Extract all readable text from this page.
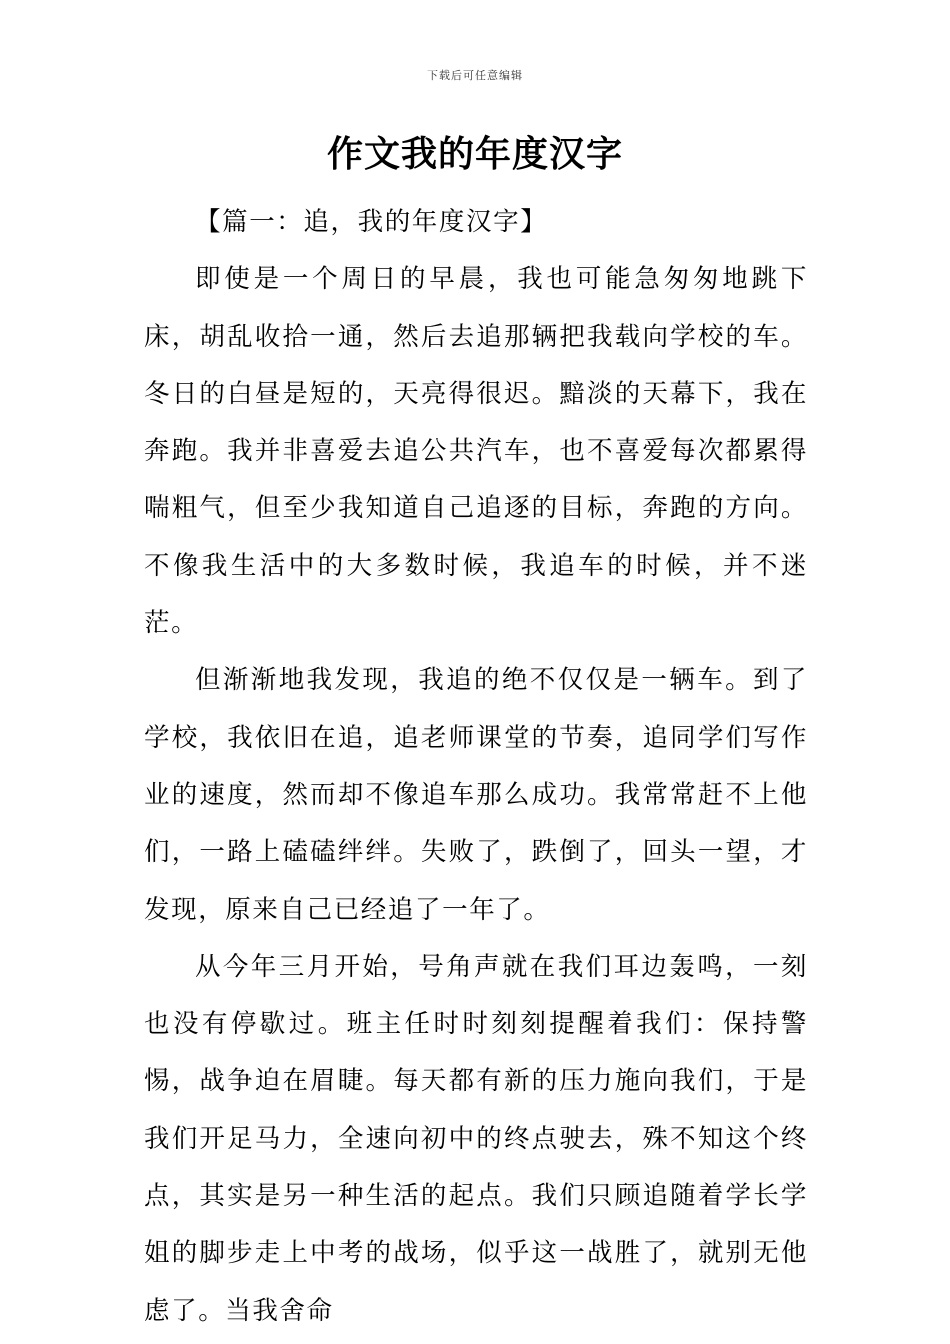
下载后可任意编辑
作文我的年度汉字

【篇一：追，我的年度汉字】

即使是一个周日的早晨，我也可能急匆匆地跳下床，胡乱收拾一通，然后去追那辆把我载向学校的车。冬日的白昼是短的，天亮得很迟。黯淡的天幕下，我在奔跑。我并非喜爱去追公共汽车，也不喜爱每次都累得喘粗气，但至少我知道自己追逐的目标，奔跑的方向。不像我生活中的大多数时候，我追车的时候，并不迷茫。

但渐渐地我发现，我追的绝不仅仅是一辆车。到了学校，我依旧在追，追老师课堂的节奏，追同学们写作业的速度，然而却不像追车那么成功。我常常赶不上他们，一路上磕磕绊绊。失败了，跌倒了，回头一望，才发现，原来自己已经追了一年了。

从今年三月开始，号角声就在我们耳边轰鸣，一刻也没有停歇过。班主任时时刻刻提醒着我们：保持警惕，战争迫在眉睫。每天都有新的压力施向我们，于是我们开足马力，全速向初中的终点驶去，殊不知这个终点，其实是另一种生活的起点。我们只顾追随着学长学姐的脚步走上中考的战场，似乎这一战胜了，就别无他虑了。当我舍命
